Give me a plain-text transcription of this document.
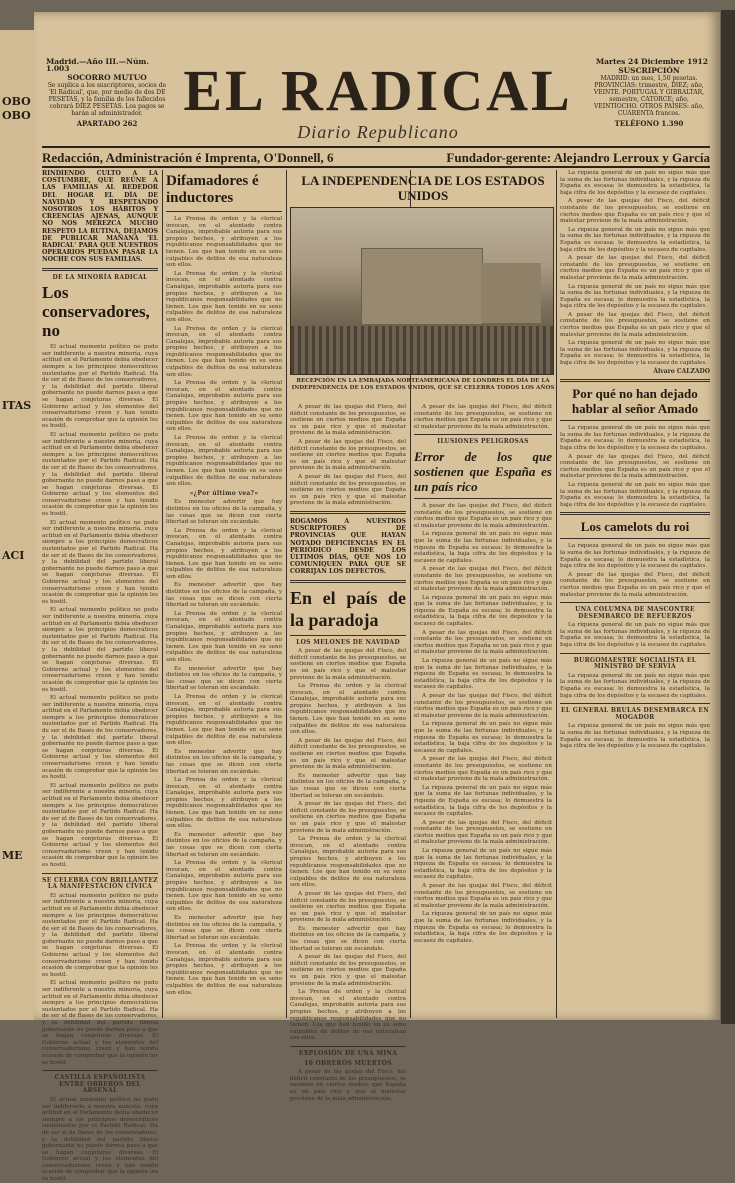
OBO
OBO
ITAS
ACI
ME
Madrid.—Año III.—Núm. 1.003
SOCORRO MUTUO
Se suplica a los suscriptores, socios de 'El Radical', que, por medio de dos DE PESETAS, y la familia de los fallecidos cobrará DIEZ PESETAS. Los pagos se harán al administrador.
APARTADO 262
EL RADICAL
Diario Republicano
Martes 24 Diciembre 1912
SUSCRIPCIÓN
MADRID: un mes, 1,50 pesetas. PROVINCIAS: trimestre, DIEZ; año, VEINTE. PORTUGAL Y GIBRALTAR, semestre, CATORCE; año, VEINTIOCHO. OTROS PAÍSES: año, CUARENTA francos.
TELÉFONO 1.390
Redacción, Administración é Imprenta, O'Donnell, 6	Fundador-gerente: Alejandro Lerroux y García
RINDIENDO CULTO A LA COSTUMBRE, QUE REÚNE A LAS FAMILIAS AL REDEDOR DEL HOGAR EL DÍA DE NAVIDAD Y RESPETANDO NOSOTROS LOS HÁBITOS Y CREENCIAS AJENAS, AUNQUE NO NOS MEREZCA MUCHO RESPETO LA RUTINA, DEJAMOS DE PUBLICAR MAÑANA 'EL RADICAL' PARA QUE NUESTROS OPERARIOS PUEDAN PASAR LA NOCHE CON SUS FAMILIAS.
DE LA MINORÍA RADICAL
Los conservadores, no

El actual momento político no pudo ser indiferente a nuestra minoría, cuya actitud en el Parlamento debía obedecer siempre a los principios democráticos sustentados por el Partido Radical. Ha de ser el de Bases de los conservadores, y la debilidad del partido liberal gobernante no puede darnos paso a que se hagan conjeturas diversas. El Gobierno actual y los elementos del conservadurismo creen y han tenido ocasión de comprobar que la opinión les es hostil.

El actual momento político no pudo ser indiferente a nuestra minoría, cuya actitud en el Parlamento debía obedecer siempre a los principios democráticos sustentados por el Partido Radical. Ha de ser el de Bases de los conservadores, y la debilidad del partido liberal gobernante no puede darnos paso a que se hagan conjeturas diversas. El Gobierno actual y los elementos del conservadurismo creen y han tenido ocasión de comprobar que la opinión les es hostil.

El actual momento político no pudo ser indiferente a nuestra minoría, cuya actitud en el Parlamento debía obedecer siempre a los principios democráticos sustentados por el Partido Radical. Ha de ser el de Bases de los conservadores, y la debilidad del partido liberal gobernante no puede darnos paso a que se hagan conjeturas diversas. El Gobierno actual y los elementos del conservadurismo creen y han tenido ocasión de comprobar que la opinión les es hostil.

El actual momento político no pudo ser indiferente a nuestra minoría, cuya actitud en el Parlamento debía obedecer siempre a los principios democráticos sustentados por el Partido Radical. Ha de ser el de Bases de los conservadores, y la debilidad del partido liberal gobernante no puede darnos paso a que se hagan conjeturas diversas. El Gobierno actual y los elementos del conservadurismo creen y han tenido ocasión de comprobar que la opinión les es hostil.

El actual momento político no pudo ser indiferente a nuestra minoría, cuya actitud en el Parlamento debía obedecer siempre a los principios democráticos sustentados por el Partido Radical. Ha de ser el de Bases de los conservadores, y la debilidad del partido liberal gobernante no puede darnos paso a que se hagan conjeturas diversas. El Gobierno actual y los elementos del conservadurismo creen y han tenido ocasión de comprobar que la opinión les es hostil.

El actual momento político no pudo ser indiferente a nuestra minoría, cuya actitud en el Parlamento debía obedecer siempre a los principios democráticos sustentados por el Partido Radical. Ha de ser el de Bases de los conservadores, y la debilidad del partido liberal gobernante no puede darnos paso a que se hagan conjeturas diversas. El Gobierno actual y los elementos del conservadurismo creen y han tenido ocasión de comprobar que la opinión les es hostil.

SE CELEBRA CON BRILLANTEZ LA MANIFESTACIÓN CÍVICA

El actual momento político no pudo ser indiferente a nuestra minoría, cuya actitud en el Parlamento debía obedecer siempre a los principios democráticos sustentados por el Partido Radical. Ha de ser el de Bases de los conservadores, y la debilidad del partido liberal gobernante no puede darnos paso a que se hagan conjeturas diversas. El Gobierno actual y los elementos del conservadurismo creen y han tenido ocasión de comprobar que la opinión les es hostil.

El actual momento político no pudo ser indiferente a nuestra minoría, cuya actitud en el Parlamento debía obedecer siempre a los principios democráticos sustentados por el Partido Radical. Ha de ser el de Bases de los conservadores, y la debilidad del partido liberal gobernante no puede darnos paso a que se hagan conjeturas diversas. El Gobierno actual y los elementos del conservadurismo creen y han tenido ocasión de comprobar que la opinión les es hostil.

CASTILLA ESPAÑOLISTA ENTRE OBREROS DEL ARSENAL

El actual momento político no pudo ser indiferente a nuestra minoría, cuya actitud en el Parlamento debía obedecer siempre a los principios democráticos sustentados por el Partido Radical. Ha de ser el de Bases de los conservadores, y la debilidad del partido liberal gobernante no puede darnos paso a que se hagan conjeturas diversas. El Gobierno actual y los elementos del conservadurismo creen y han tenido ocasión de comprobar que la opinión les es hostil.

Difamadores é inductores

La Prensa de orden y la clerical invocan, en el atentado contra Canalejas, improbable autoría para sus propios hechos, y atribuyen a los republicanos responsabilidades que no tienen. Los que han tenido en su seno culpables de delitos de esa naturaleza son ellos.

La Prensa de orden y la clerical invocan, en el atentado contra Canalejas, improbable autoría para sus propios hechos, y atribuyen a los republicanos responsabilidades que no tienen. Los que han tenido en su seno culpables de delitos de esa naturaleza son ellos.

La Prensa de orden y la clerical invocan, en el atentado contra Canalejas, improbable autoría para sus propios hechos, y atribuyen a los republicanos responsabilidades que no tienen. Los que han tenido en su seno culpables de delitos de esa naturaleza son ellos.

La Prensa de orden y la clerical invocan, en el atentado contra Canalejas, improbable autoría para sus propios hechos, y atribuyen a los republicanos responsabilidades que no tienen. Los que han tenido en su seno culpables de delitos de esa naturaleza son ellos.

La Prensa de orden y la clerical invocan, en el atentado contra Canalejas, improbable autoría para sus propios hechos, y atribuyen a los republicanos responsabilidades que no tienen. Los que han tenido en su seno culpables de delitos de esa naturaleza son ellos.

«¿Por último vea?»

Es menester advertir que hay distintos en los oficios de la campaña, y las cosas que se dicen con cierta libertad se toleran sin escándalo.

La Prensa de orden y la clerical invocan, en el atentado contra Canalejas, improbable autoría para sus propios hechos, y atribuyen a los republicanos responsabilidades que no tienen. Los que han tenido en su seno culpables de delitos de esa naturaleza son ellos.

Es menester advertir que hay distintos en los oficios de la campaña, y las cosas que se dicen con cierta libertad se toleran sin escándalo.

La Prensa de orden y la clerical invocan, en el atentado contra Canalejas, improbable autoría para sus propios hechos, y atribuyen a los republicanos responsabilidades que no tienen. Los que han tenido en su seno culpables de delitos de esa naturaleza son ellos.

Es menester advertir que hay distintos en los oficios de la campaña, y las cosas que se dicen con cierta libertad se toleran sin escándalo.

La Prensa de orden y la clerical invocan, en el atentado contra Canalejas, improbable autoría para sus propios hechos, y atribuyen a los republicanos responsabilidades que no tienen. Los que han tenido en su seno culpables de delitos de esa naturaleza son ellos.

Es menester advertir que hay distintos en los oficios de la campaña, y las cosas que se dicen con cierta libertad se toleran sin escándalo.

La Prensa de orden y la clerical invocan, en el atentado contra Canalejas, improbable autoría para sus propios hechos, y atribuyen a los republicanos responsabilidades que no tienen. Los que han tenido en su seno culpables de delitos de esa naturaleza son ellos.

Es menester advertir que hay distintos en los oficios de la campaña, y las cosas que se dicen con cierta libertad se toleran sin escándalo.

La Prensa de orden y la clerical invocan, en el atentado contra Canalejas, improbable autoría para sus propios hechos, y atribuyen a los republicanos responsabilidades que no tienen. Los que han tenido en su seno culpables de delitos de esa naturaleza son ellos.

Es menester advertir que hay distintos en los oficios de la campaña, y las cosas que se dicen con cierta libertad se toleran sin escándalo.

La Prensa de orden y la clerical invocan, en el atentado contra Canalejas, improbable autoría para sus propios hechos, y atribuyen a los republicanos responsabilidades que no tienen. Los que han tenido en su seno culpables de delitos de esa naturaleza son ellos.

LA INDEPENDENCIA DE LOS ESTADOS UNIDOS
RECEPCIÓN EN LA EMBAJADA NORTEAMERICANA DE LONDRES EL DÍA DE LA INDEPENDENCIA DE LOS ESTADOS UNIDOS, QUE SE CELEBRA TODOS LOS AÑOS

A pesar de las quejas del Fisco, del déficit constante de los presupuestos, se sostiene en ciertos medios que España es un país rico y que el malestar proviene de la mala administración.

A pesar de las quejas del Fisco, del déficit constante de los presupuestos, se sostiene en ciertos medios que España es un país rico y que el malestar proviene de la mala administración.

A pesar de las quejas del Fisco, del déficit constante de los presupuestos, se sostiene en ciertos medios que España es un país rico y que el malestar proviene de la mala administración.

ROGAMOS A NUESTROS SUSCRIPTORES DE PROVINCIAS QUE HAYAN NOTADO DEFICIENCIAS EN EL PERIÓDICO DESDE LOS ÚLTIMOS DÍAS, QUE NOS LO COMUNIQUEN PARA QUE SE CORRIJAN LOS DEFECTOS.
En el país de la paradoja
LOS MELONES DE NAVIDAD

A pesar de las quejas del Fisco, del déficit constante de los presupuestos, se sostiene en ciertos medios que España es un país rico y que el malestar proviene de la mala administración.

La Prensa de orden y la clerical invocan, en el atentado contra Canalejas, improbable autoría para sus propios hechos, y atribuyen a los republicanos responsabilidades que no tienen. Los que han tenido en su seno culpables de delitos de esa naturaleza son ellos.

A pesar de las quejas del Fisco, del déficit constante de los presupuestos, se sostiene en ciertos medios que España es un país rico y que el malestar proviene de la mala administración.

Es menester advertir que hay distintos en los oficios de la campaña, y las cosas que se dicen con cierta libertad se toleran sin escándalo.

A pesar de las quejas del Fisco, del déficit constante de los presupuestos, se sostiene en ciertos medios que España es un país rico y que el malestar proviene de la mala administración.

La Prensa de orden y la clerical invocan, en el atentado contra Canalejas, improbable autoría para sus propios hechos, y atribuyen a los republicanos responsabilidades que no tienen. Los que han tenido en su seno culpables de delitos de esa naturaleza son ellos.

A pesar de las quejas del Fisco, del déficit constante de los presupuestos, se sostiene en ciertos medios que España es un país rico y que el malestar proviene de la mala administración.

Es menester advertir que hay distintos en los oficios de la campaña, y las cosas que se dicen con cierta libertad se toleran sin escándalo.

A pesar de las quejas del Fisco, del déficit constante de los presupuestos, se sostiene en ciertos medios que España es un país rico y que el malestar proviene de la mala administración.

La Prensa de orden y la clerical invocan, en el atentado contra Canalejas, improbable autoría para sus propios hechos, y atribuyen a los republicanos responsabilidades que no tienen. Los que han tenido en su seno culpables de delitos de esa naturaleza son ellos.

EXPLOSIÓN DE UNA MINA
10 OBREROS MUERTOS

A pesar de las quejas del Fisco, del déficit constante de los presupuestos, se sostiene en ciertos medios que España es un país rico y que el malestar proviene de la mala administración.

A pesar de las quejas del Fisco, del déficit constante de los presupuestos, se sostiene en ciertos medios que España es un país rico y que el malestar proviene de la mala administración.

ILUSIONES PELIGROSAS
Error de los que sostienen que España es un país rico

A pesar de las quejas del Fisco, del déficit constante de los presupuestos, se sostiene en ciertos medios que España es un país rico y que el malestar proviene de la mala administración.

La riqueza general de un país no sigue más que la suma de las fortunas individuales, y la riqueza de España es escasa; lo demuestra la estadística, la baja cifra de los depósitos y la escasez de capitales.

A pesar de las quejas del Fisco, del déficit constante de los presupuestos, se sostiene en ciertos medios que España es un país rico y que el malestar proviene de la mala administración.

La riqueza general de un país no sigue más que la suma de las fortunas individuales, y la riqueza de España es escasa; lo demuestra la estadística, la baja cifra de los depósitos y la escasez de capitales.

A pesar de las quejas del Fisco, del déficit constante de los presupuestos, se sostiene en ciertos medios que España es un país rico y que el malestar proviene de la mala administración.

La riqueza general de un país no sigue más que la suma de las fortunas individuales, y la riqueza de España es escasa; lo demuestra la estadística, la baja cifra de los depósitos y la escasez de capitales.

A pesar de las quejas del Fisco, del déficit constante de los presupuestos, se sostiene en ciertos medios que España es un país rico y que el malestar proviene de la mala administración.

La riqueza general de un país no sigue más que la suma de las fortunas individuales, y la riqueza de España es escasa; lo demuestra la estadística, la baja cifra de los depósitos y la escasez de capitales.

A pesar de las quejas del Fisco, del déficit constante de los presupuestos, se sostiene en ciertos medios que España es un país rico y que el malestar proviene de la mala administración.

La riqueza general de un país no sigue más que la suma de las fortunas individuales, y la riqueza de España es escasa; lo demuestra la estadística, la baja cifra de los depósitos y la escasez de capitales.

A pesar de las quejas del Fisco, del déficit constante de los presupuestos, se sostiene en ciertos medios que España es un país rico y que el malestar proviene de la mala administración.

La riqueza general de un país no sigue más que la suma de las fortunas individuales, y la riqueza de España es escasa; lo demuestra la estadística, la baja cifra de los depósitos y la escasez de capitales.

A pesar de las quejas del Fisco, del déficit constante de los presupuestos, se sostiene en ciertos medios que España es un país rico y que el malestar proviene de la mala administración.

La riqueza general de un país no sigue más que la suma de las fortunas individuales, y la riqueza de España es escasa; lo demuestra la estadística, la baja cifra de los depósitos y la escasez de capitales.

La riqueza general de un país no sigue más que la suma de las fortunas individuales, y la riqueza de España es escasa; lo demuestra la estadística, la baja cifra de los depósitos y la escasez de capitales.

A pesar de las quejas del Fisco, del déficit constante de los presupuestos, se sostiene en ciertos medios que España es un país rico y que el malestar proviene de la mala administración.

La riqueza general de un país no sigue más que la suma de las fortunas individuales, y la riqueza de España es escasa; lo demuestra la estadística, la baja cifra de los depósitos y la escasez de capitales.

A pesar de las quejas del Fisco, del déficit constante de los presupuestos, se sostiene en ciertos medios que España es un país rico y que el malestar proviene de la mala administración.

La riqueza general de un país no sigue más que la suma de las fortunas individuales, y la riqueza de España es escasa; lo demuestra la estadística, la baja cifra de los depósitos y la escasez de capitales.

A pesar de las quejas del Fisco, del déficit constante de los presupuestos, se sostiene en ciertos medios que España es un país rico y que el malestar proviene de la mala administración.

La riqueza general de un país no sigue más que la suma de las fortunas individuales, y la riqueza de España es escasa; lo demuestra la estadística, la baja cifra de los depósitos y la escasez de capitales.

Álvaro CALZADO
Por qué no han dejado hablar al señor Amado

La riqueza general de un país no sigue más que la suma de las fortunas individuales, y la riqueza de España es escasa; lo demuestra la estadística, la baja cifra de los depósitos y la escasez de capitales.

A pesar de las quejas del Fisco, del déficit constante de los presupuestos, se sostiene en ciertos medios que España es un país rico y que el malestar proviene de la mala administración.

La riqueza general de un país no sigue más que la suma de las fortunas individuales, y la riqueza de España es escasa; lo demuestra la estadística, la baja cifra de los depósitos y la escasez de capitales.

Los camelots du roi

La riqueza general de un país no sigue más que la suma de las fortunas individuales, y la riqueza de España es escasa; lo demuestra la estadística, la baja cifra de los depósitos y la escasez de capitales.

A pesar de las quejas del Fisco, del déficit constante de los presupuestos, se sostiene en ciertos medios que España es un país rico y que el malestar proviene de la mala administración.

UNA COLUMNA DE MASCONTRE DESEMBARCO DE REFUERZOS

La riqueza general de un país no sigue más que la suma de las fortunas individuales, y la riqueza de España es escasa; lo demuestra la estadística, la baja cifra de los depósitos y la escasez de capitales.

BURGOMAESTRE SOCIALISTA EL MINISTRO DE SERVIA

La riqueza general de un país no sigue más que la suma de las fortunas individuales, y la riqueza de España es escasa; lo demuestra la estadística, la baja cifra de los depósitos y la escasez de capitales.

EL GENERAL BRULAS DESEMBARCA EN MOGADOR

La riqueza general de un país no sigue más que la suma de las fortunas individuales, y la riqueza de España es escasa; lo demuestra la estadística, la baja cifra de los depósitos y la escasez de capitales.
